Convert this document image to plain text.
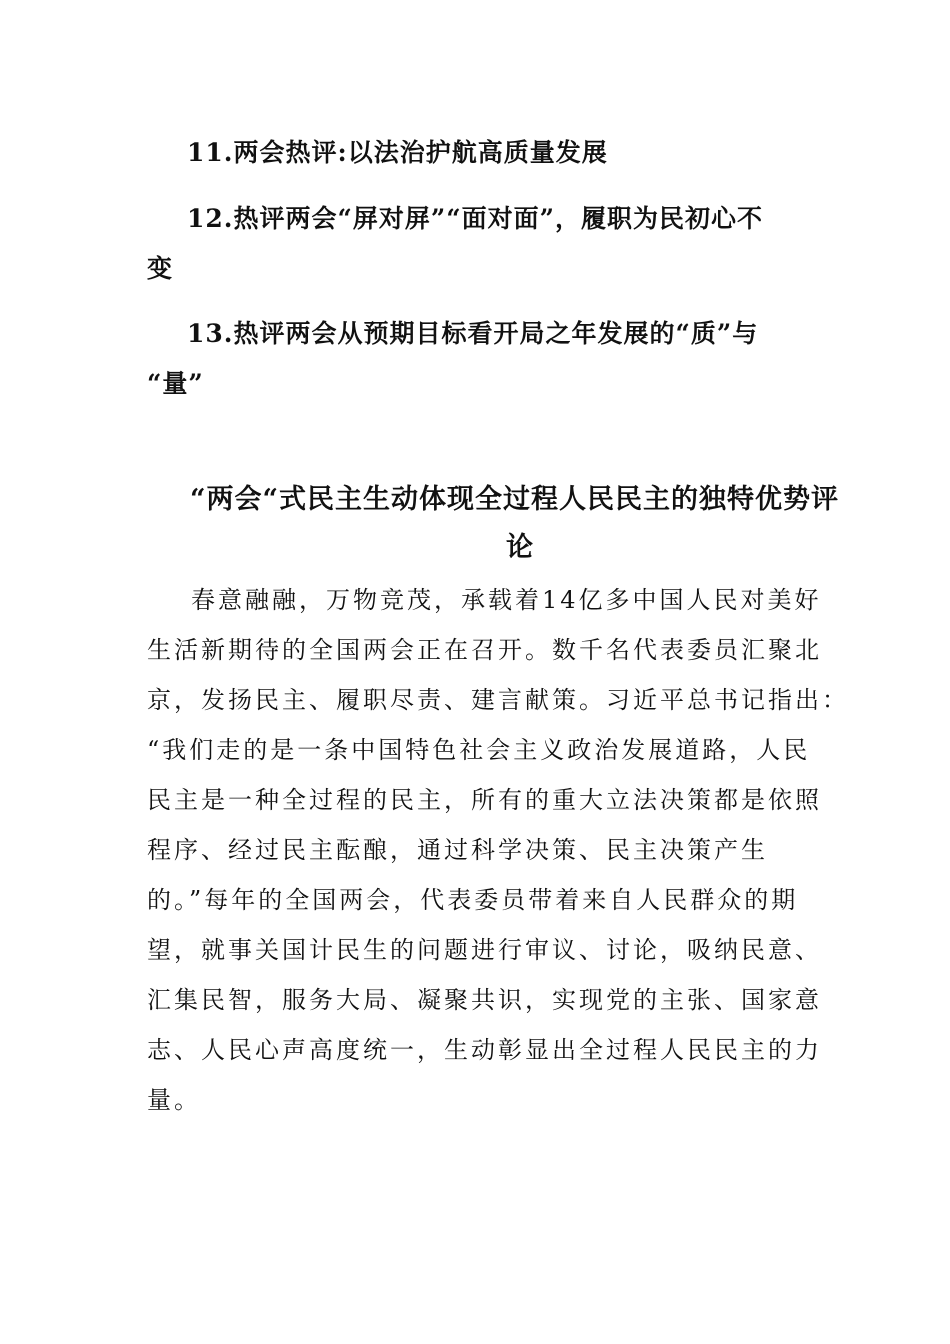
11.两会热评:以法治护航高质量发展

12.热评两会“屏对屏”“面对面”，履职为民初心不
变

13.热评两会从预期目标看开局之年发展的“质”与
“量”

“两会“式民主生动体现全过程人民民主的独特优势评
论

春意融融，万物竞茂，承载着14亿多中国人民对美好
生活新期待的全国两会正在召开。数千名代表委员汇聚北
京，发扬民主、履职尽责、建言献策。习近平总书记指出：
“我们走的是一条中国特色社会主义政治发展道路，人民
民主是一种全过程的民主，所有的重大立法决策都是依照
程序、经过民主酝酿，通过科学决策、民主决策产生
的。”每年的全国两会，代表委员带着来自人民群众的期
望，就事关国计民生的问题进行审议、讨论，吸纳民意、
汇集民智，服务大局、凝聚共识，实现党的主张、国家意
志、人民心声高度统一，生动彰显出全过程人民民主的力
量。
